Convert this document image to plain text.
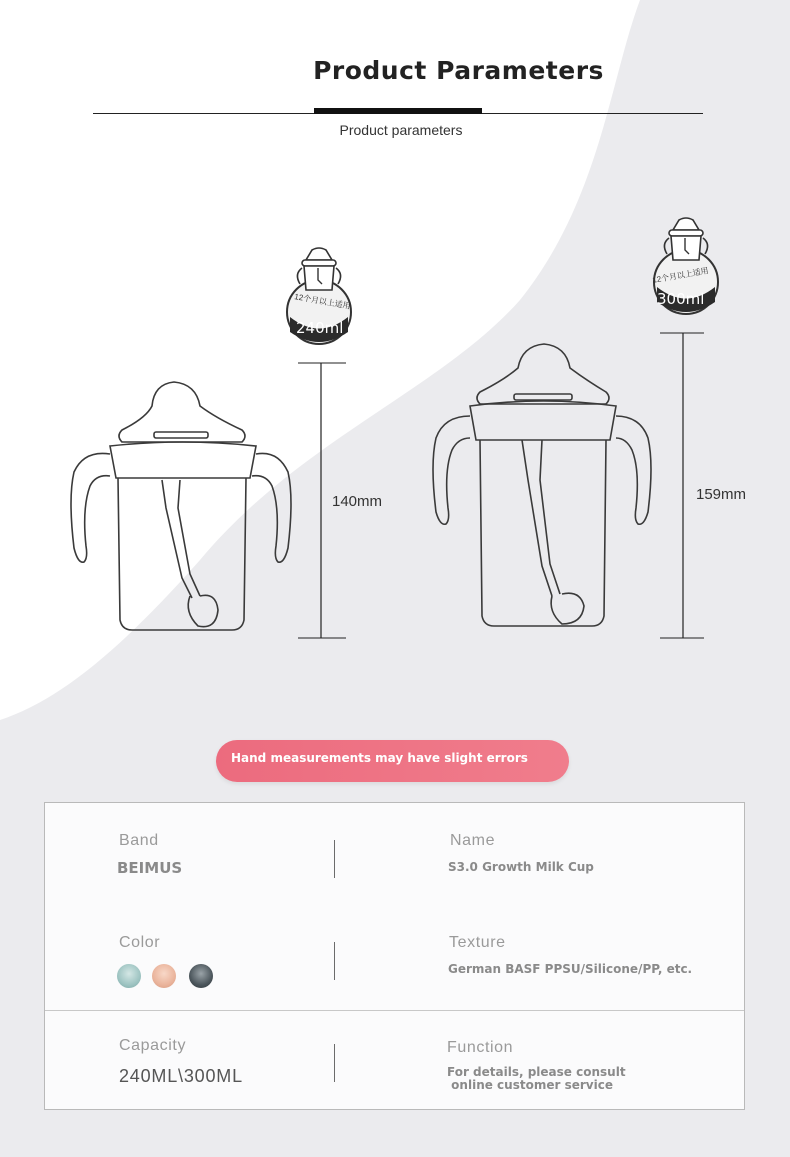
Product Parameters
Product parameters
12个月以上适用
240ml
12个月以上适用
300ml
140mm	159mm
Hand measurements may have slight errors
Band
BEIMUS
Name
S3.0 Growth Milk Cup
Color	Texture
German BASF PPSU/Silicone/PP, etc.
Capacity
240ML\300ML
Function
For details, please consult
online customer service
